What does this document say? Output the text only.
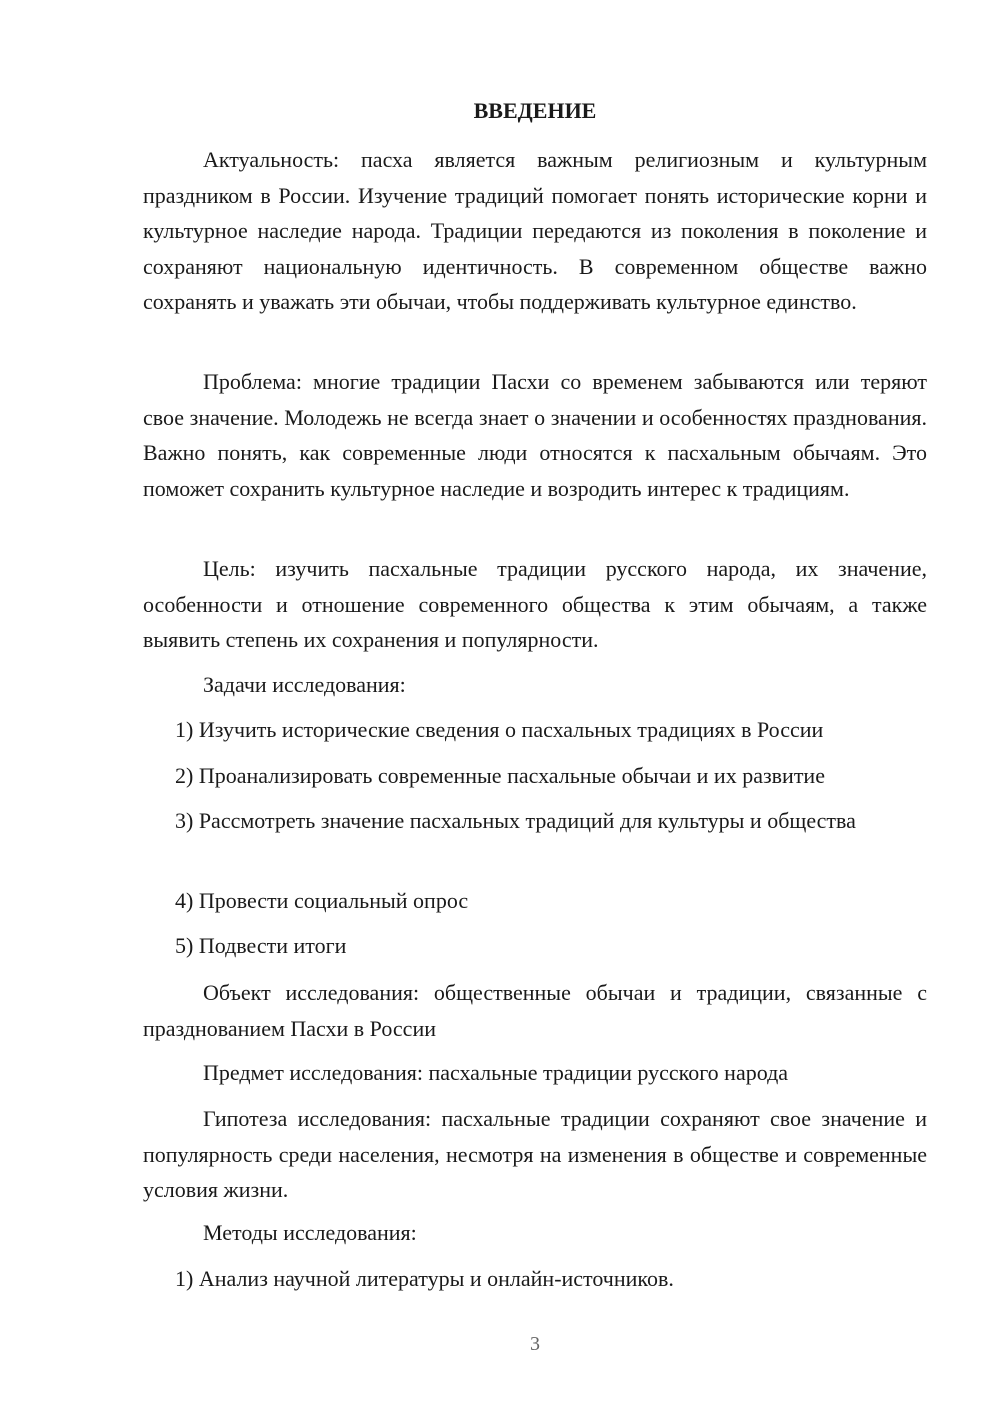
ВВЕДЕНИЕ

Актуальность: пасха является важным религиозным и культурным праздником в России. Изучение традиций помогает понять исторические корни и культурное наследие народа. Традиции передаются из поколения в поколение и сохраняют национальную идентичность. В современном обществе важно сохранять и уважать эти обычаи, чтобы поддерживать культурное единство.

Проблема: многие традиции Пасхи со временем забываются или теряют свое значение. Молодежь не всегда знает о значении и особенностях празднования. Важно понять, как современные люди относятся к пасхальным обычаям. Это поможет сохранить культурное наследие и возродить интерес к традициям.

Цель: изучить пасхальные традиции русского народа, их значение, особенности и отношение современного общества к этим обычаям, а также выявить степень их сохранения и популярности.

Задачи исследования:

1) Изучить исторические сведения о пасхальных традициях в России

2) Проанализировать современные пасхальные обычаи и их развитие

3) Рассмотреть значение пасхальных традиций для культуры и общества

4) Провести социальный опрос

5) Подвести итоги

Объект исследования: общественные обычаи и традиции, связанные с празднованием Пасхи в России

Предмет исследования: пасхальные традиции русского народа

Гипотеза исследования: пасхальные традиции сохраняют свое значение и популярность среди населения, несмотря на изменения в обществе и современные условия жизни.

Методы исследования:

1) Анализ научной литературы и онлайн-источников.

3
